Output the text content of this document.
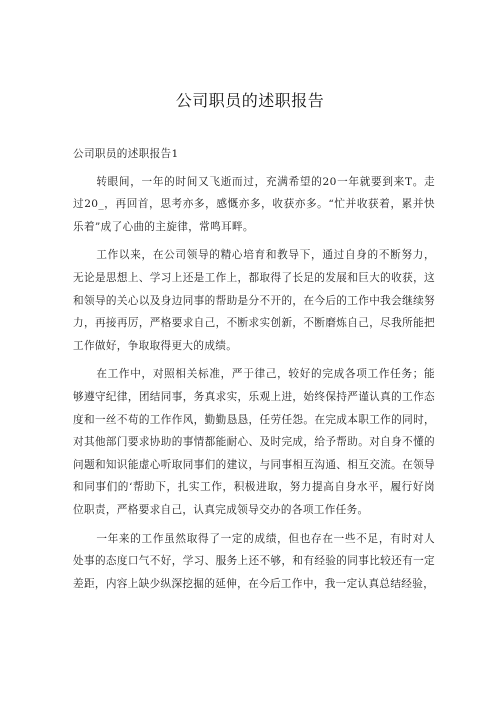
公司职员的述职报告

公司职员的述职报告1

转眼间，一年的时间又飞逝而过，充满希望的20一年就要到来T。走过20_，再回首，思考亦多，感慨亦多，收获亦多。“忙并收获着，累并快乐着”成了心曲的主旋律，常鸣耳畔。

工作以来，在公司领导的精心培育和教导下，通过自身的不断努力，无论是思想上、学习上还是工作上，都取得了长足的发展和巨大的收获，这和领导的关心以及身边同事的帮助是分不开的，在今后的工作中我会继续努力，再接再厉，严格要求自己，不断求实创新，不断磨炼自己，尽我所能把工作做好，争取取得更大的成绩。

在工作中，对照相关标准，严于律己，较好的完成各项工作任务；能够遵守纪律，团结同事，务真求实，乐观上进，始终保持严谨认真的工作态度和一丝不苟的工作作风，勤勤恳恳，任劳任怨。在完成本职工作的同时，对其他部门要求协助的事情都能耐心、及时完成，给予帮助。对自身不懂的问题和知识能虚心听取同事们的建议，与同事相互沟通、相互交流。在领导和同事们的‘帮助下，扎实工作，积极进取，努力提高自身水平，履行好岗位职责，严格要求自己，认真完成领导交办的各项工作任务。

一年来的工作虽然取得了一定的成绩，但也存在一些不足，有时对人处事的态度口气不好，学习、服务上还不够，和有经验的同事比较还有一定差距，内容上缺少纵深挖掘的延伸，在今后工作中，我一定认真总结经验，
